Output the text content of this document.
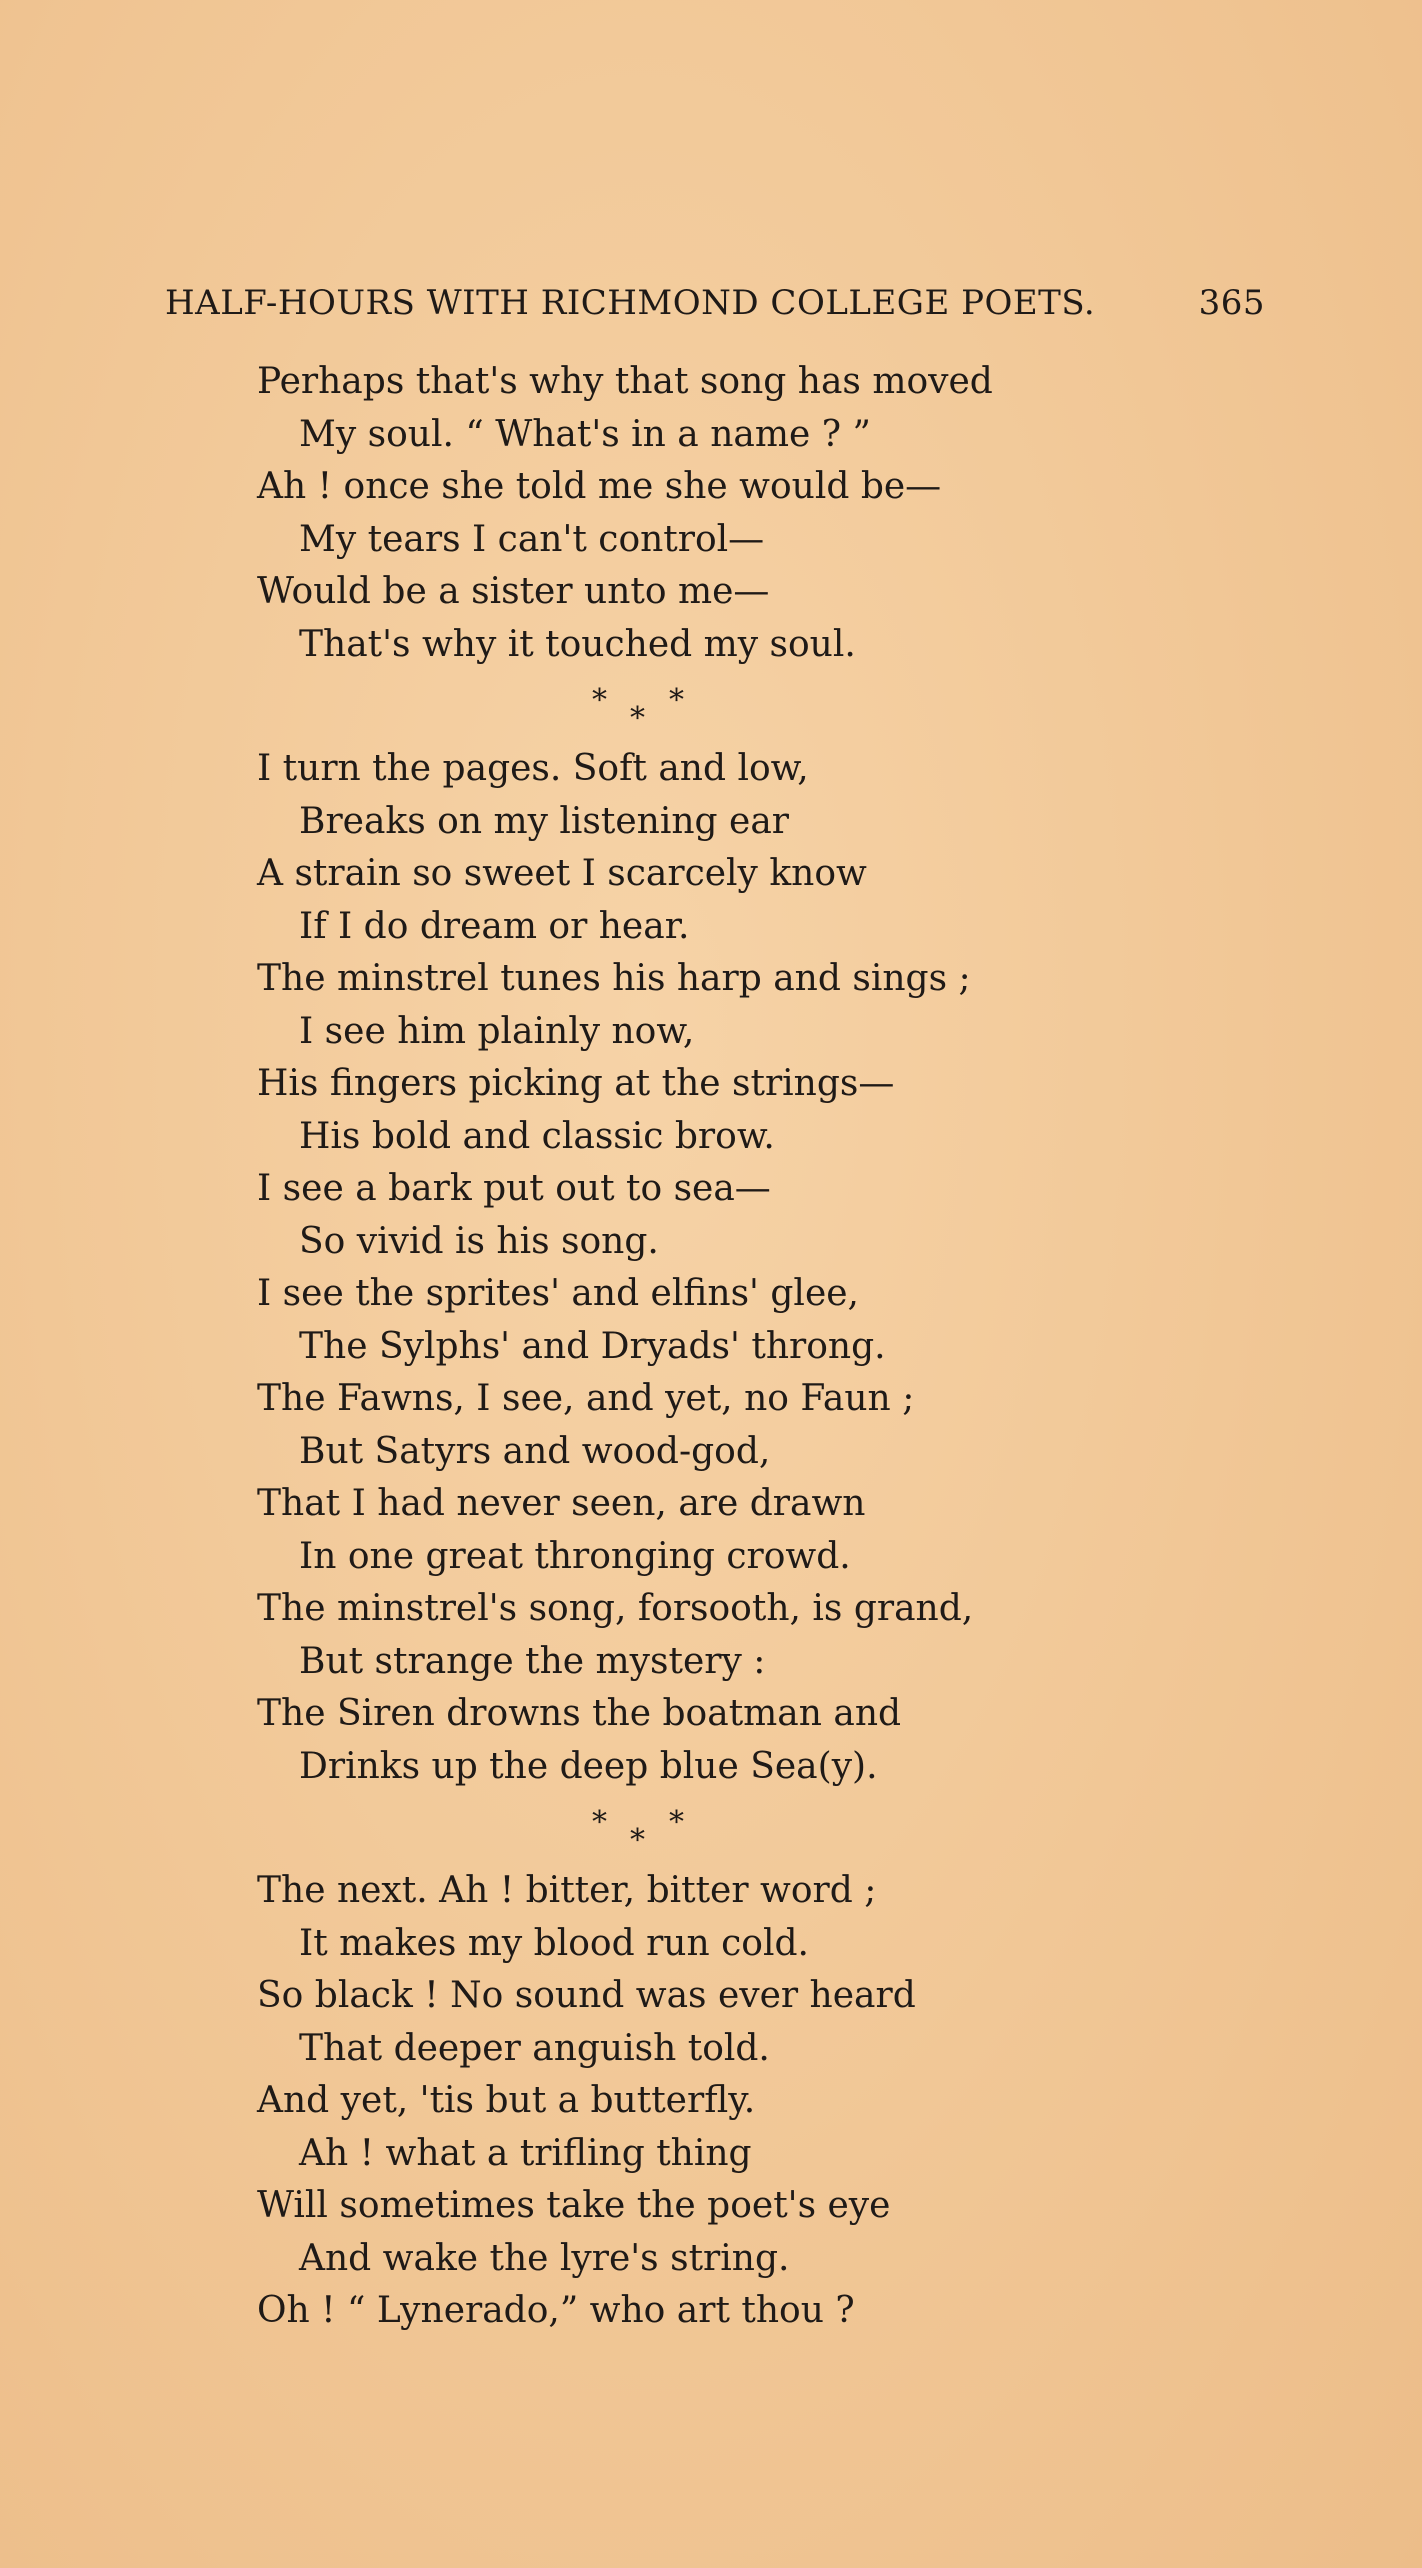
HALF-HOURS WITH RICHMOND COLLEGE POETS.	365
Perhaps that's why that song has moved
My soul. “ What's in a name ? ”
Ah ! once she told me she would be—
My tears I can't control—
Would be a sister unto me—
That's why it touched my soul.
*
*
*
I turn the pages. Soft and low,
Breaks on my listening ear
A strain so sweet I scarcely know
If I do dream or hear.
The minstrel tunes his harp and sings ;
I see him plainly now,
His fingers picking at the strings—
His bold and classic brow.
I see a bark put out to sea—
So vivid is his song.
I see the sprites' and elfins' glee,
The Sylphs' and Dryads' throng.
The Fawns, I see, and yet, no Faun ;
But Satyrs and wood-god,
That I had never seen, are drawn
In one great thronging crowd.
The minstrel's song, forsooth, is grand,
But strange the mystery :
The Siren drowns the boatman and
Drinks up the deep blue Sea(y).
*
*
*
The next. Ah ! bitter, bitter word ;
It makes my blood run cold.
So black ! No sound was ever heard
That deeper anguish told.
And yet, 'tis but a butterfly.
Ah ! what a trifling thing
Will sometimes take the poet's eye
And wake the lyre's string.
Oh ! “ Lynerado,” who art thou ?
